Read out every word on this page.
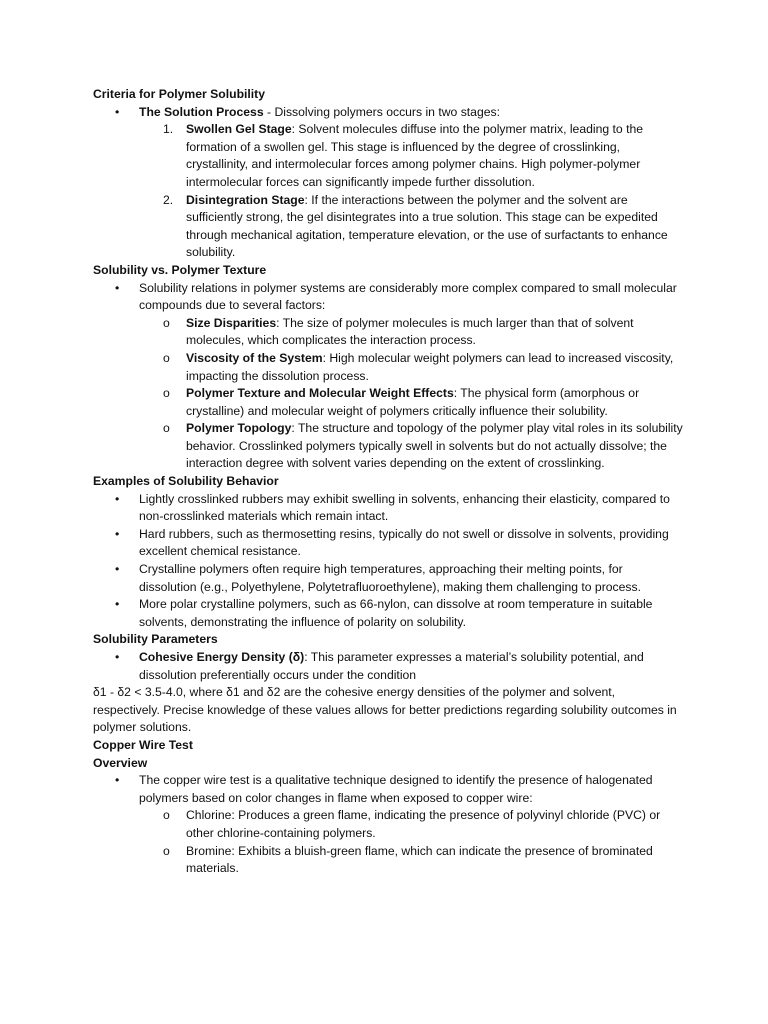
Criteria for Polymer Solubility

• The Solution Process - Dissolving polymers occurs in two stages:
1. Swollen Gel Stage: Solvent molecules diffuse into the polymer matrix, leading to the formation of a swollen gel. This stage is influenced by the degree of crosslinking, crystallinity, and intermolecular forces among polymer chains. High polymer-polymer intermolecular forces can significantly impede further dissolution.
2. Disintegration Stage: If the interactions between the polymer and the solvent are sufficiently strong, the gel disintegrates into a true solution. This stage can be expedited through mechanical agitation, temperature elevation, or the use of surfactants to enhance solubility.

Solubility vs. Polymer Texture

• Solubility relations in polymer systems are considerably more complex compared to small molecular compounds due to several factors:
o Size Disparities: The size of polymer molecules is much larger than that of solvent molecules, which complicates the interaction process.
o Viscosity of the System: High molecular weight polymers can lead to increased viscosity, impacting the dissolution process.
o Polymer Texture and Molecular Weight Effects: The physical form (amorphous or crystalline) and molecular weight of polymers critically influence their solubility.
o Polymer Topology: The structure and topology of the polymer play vital roles in its solubility behavior. Crosslinked polymers typically swell in solvents but do not actually dissolve; the interaction degree with solvent varies depending on the extent of crosslinking.

Examples of Solubility Behavior

• Lightly crosslinked rubbers may exhibit swelling in solvents, enhancing their elasticity, compared to non-crosslinked materials which remain intact.
• Hard rubbers, such as thermosetting resins, typically do not swell or dissolve in solvents, providing excellent chemical resistance.
• Crystalline polymers often require high temperatures, approaching their melting points, for dissolution (e.g., Polyethylene, Polytetrafluoroethylene), making them challenging to process.
• More polar crystalline polymers, such as 66-nylon, can dissolve at room temperature in suitable solvents, demonstrating the influence of polarity on solubility.

Solubility Parameters

• Cohesive Energy Density (δ): This parameter expresses a material’s solubility potential, and dissolution preferentially occurs under the condition

δ1 - δ2 < 3.5-4.0, where δ1 and δ2 are the cohesive energy densities of the polymer and solvent, respectively. Precise knowledge of these values allows for better predictions regarding solubility outcomes in polymer solutions.

Copper Wire Test

Overview

• The copper wire test is a qualitative technique designed to identify the presence of halogenated polymers based on color changes in flame when exposed to copper wire:
o Chlorine: Produces a green flame, indicating the presence of polyvinyl chloride (PVC) or other chlorine-containing polymers.
o Bromine: Exhibits a bluish-green flame, which can indicate the presence of brominated materials.
